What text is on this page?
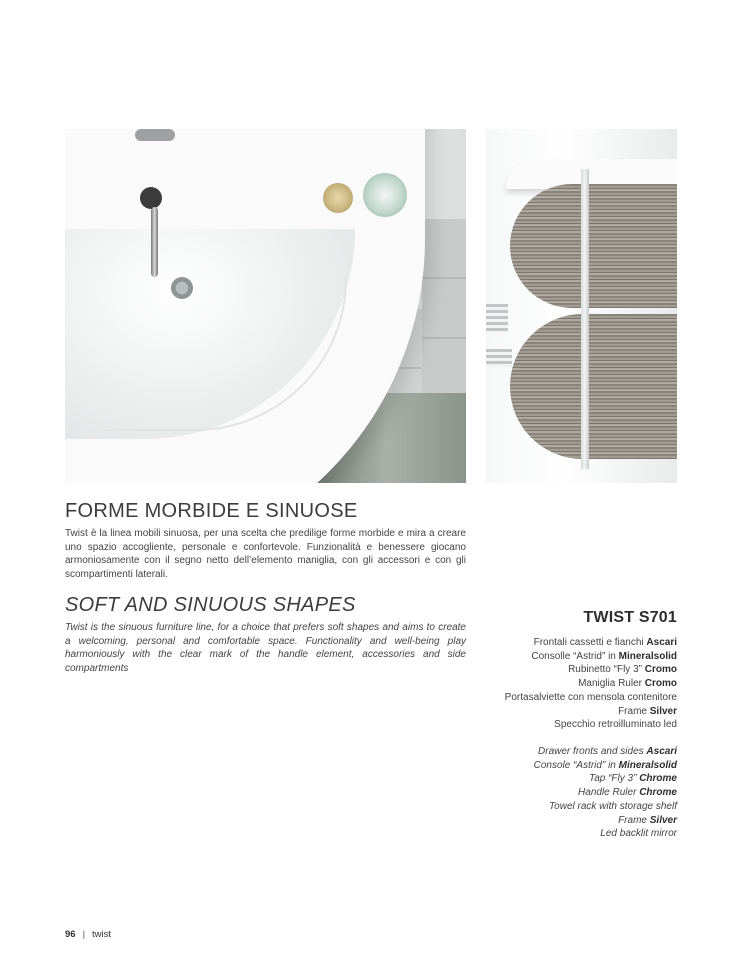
FORME MORBIDE E SINUOSE

Twist è la linea mobili sinuosa, per una scelta che predilige forme morbide e mira a creare uno spazio accogliente, personale e confortevole. Funzionalità e benessere giocano armoniosamente con il segno netto dell’elemento maniglia, con gli accessori e con gli scompartimenti laterali.

SOFT AND SINUOUS SHAPES

Twist is the sinuous furniture line, for a choice that prefers soft shapes and aims to create a welcoming, personal and comfortable space. Functionality and well-being play harmoniously with the clear mark of the handle element, accessories and side compartments

TWIST S701
Frontali cassetti e fianchi Ascari
Consolle “Astrid” in Mineralsolid
Rubinetto “Fly 3” Cromo
Maniglia Ruler Cromo
Portasalviette con mensola contenitore
Frame Silver
Specchio retroilluminato led
Drawer fronts and sides Ascari
Console “Astrid” in Mineralsolid
Tap “Fly 3” Chrome
Handle Ruler Chrome
Towel rack with storage shelf
Frame Silver
Led backlit mirror
96 | twist
